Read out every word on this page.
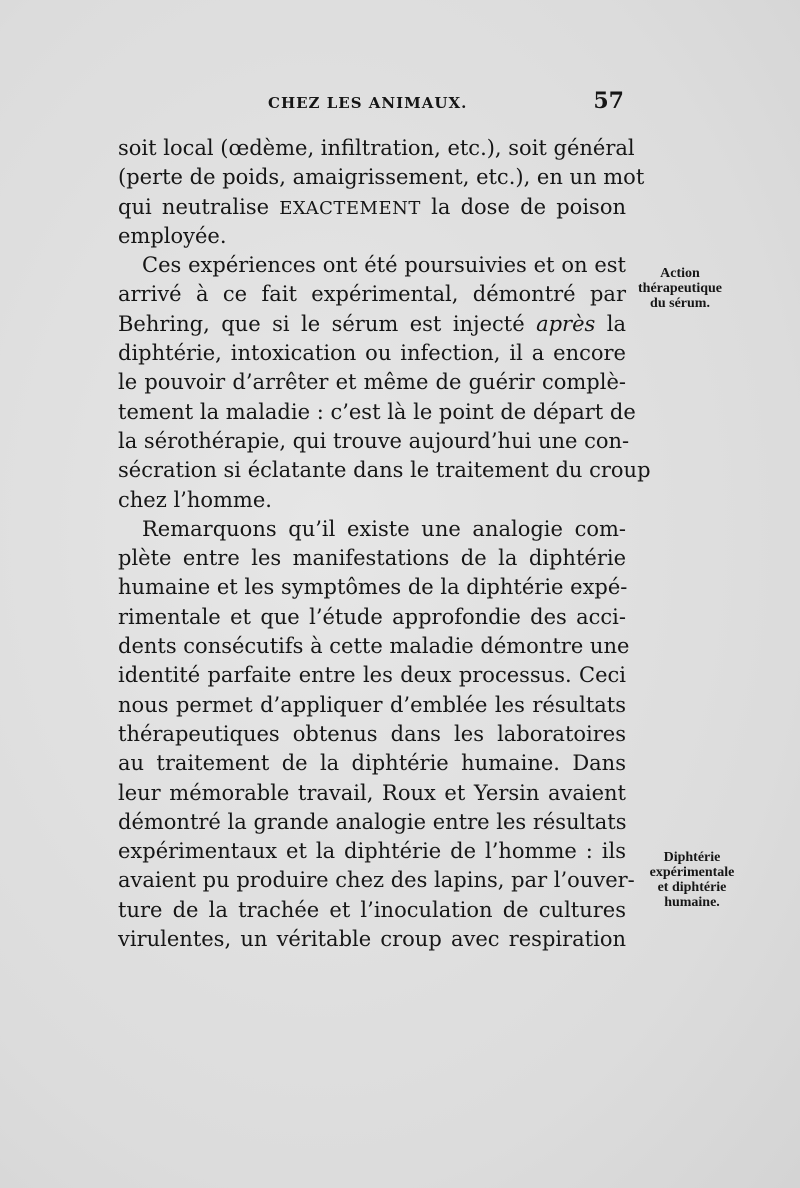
CHEZ LES ANIMAUX.	57
soit local (œdème, infiltration, etc.), soit général
(perte de poids, amaigrissement, etc.), en un mot
qui neutralise EXACTEMENT la dose de poison
employée.
Ces expériences ont été poursuivies et on est
arrivé à ce fait expérimental, démontré par
Behring, que si le sérum est injecté après la
diphtérie, intoxication ou infection, il a encore
le pouvoir d’arrêter et même de guérir complè-
tement la maladie : c’est là le point de départ de
la sérothérapie, qui trouve aujourd’hui une con-
sécration si éclatante dans le traitement du croup
chez l’homme.
Remarquons qu’il existe une analogie com-
plète entre les manifestations de la diphtérie
humaine et les symptômes de la diphtérie expé-
rimentale et que l’étude approfondie des acci-
dents consécutifs à cette maladie démontre une
identité parfaite entre les deux processus. Ceci
nous permet d’appliquer d’emblée les résultats
thérapeutiques obtenus dans les laboratoires
au traitement de la diphtérie humaine. Dans
leur mémorable travail, Roux et Yersin avaient
démontré la grande analogie entre les résultats
expérimentaux et la diphtérie de l’homme : ils
avaient pu produire chez des lapins, par l’ouver-
ture de la trachée et l’inoculation de cultures
virulentes, un véritable croup avec respiration
Action
thérapeutique
du sérum.
Diphtérie
expérimentale
et diphtérie
humaine.
